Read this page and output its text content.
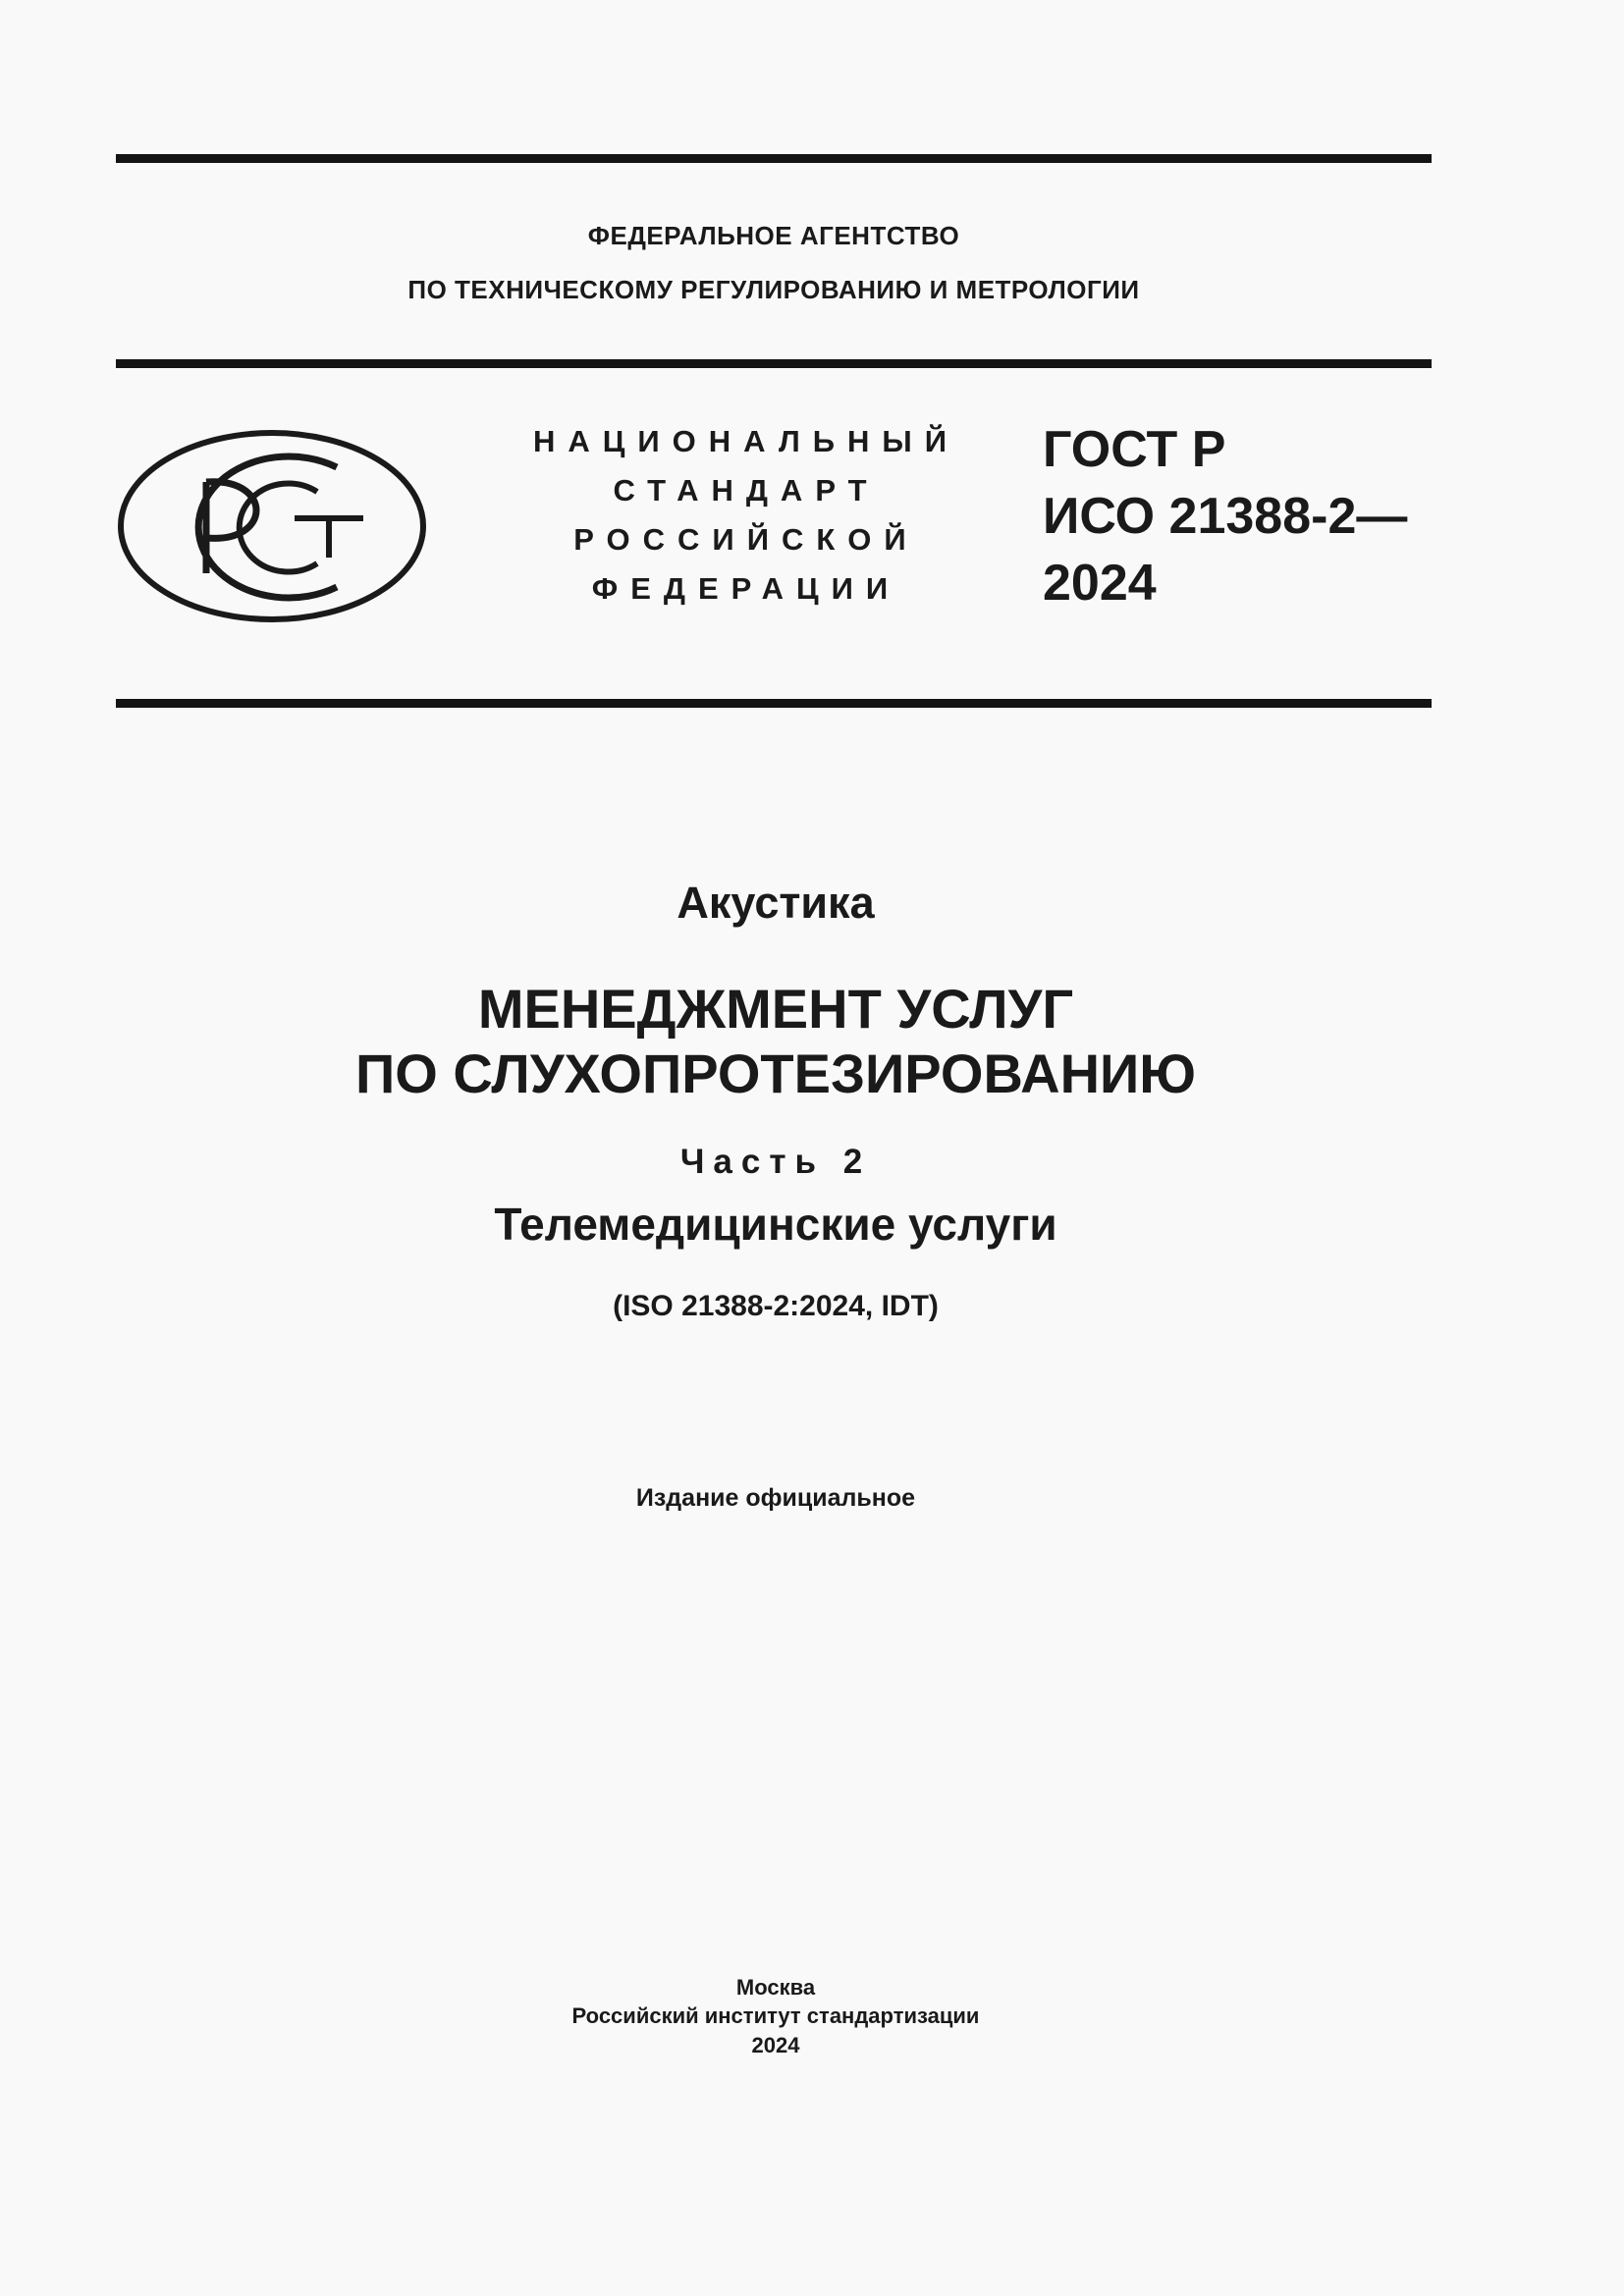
ФЕДЕРАЛЬНОЕ АГЕНТСТВО
ПО ТЕХНИЧЕСКОМУ РЕГУЛИРОВАНИЮ И МЕТРОЛОГИИ
НАЦИОНАЛЬНЫЙ
СТАНДАРТ
РОССИЙСКОЙ
ФЕДЕРАЦИИ
ГОСТ Р
ИСО 21388-2—
2024
Акустика
МЕНЕДЖМЕНТ УСЛУГ
ПО СЛУХОПРОТЕЗИРОВАНИЮ
Часть 2
Телемедицинские услуги
(ISO 21388-2:2024, IDT)
Издание официальное
Москва
Российский институт стандартизации
2024
